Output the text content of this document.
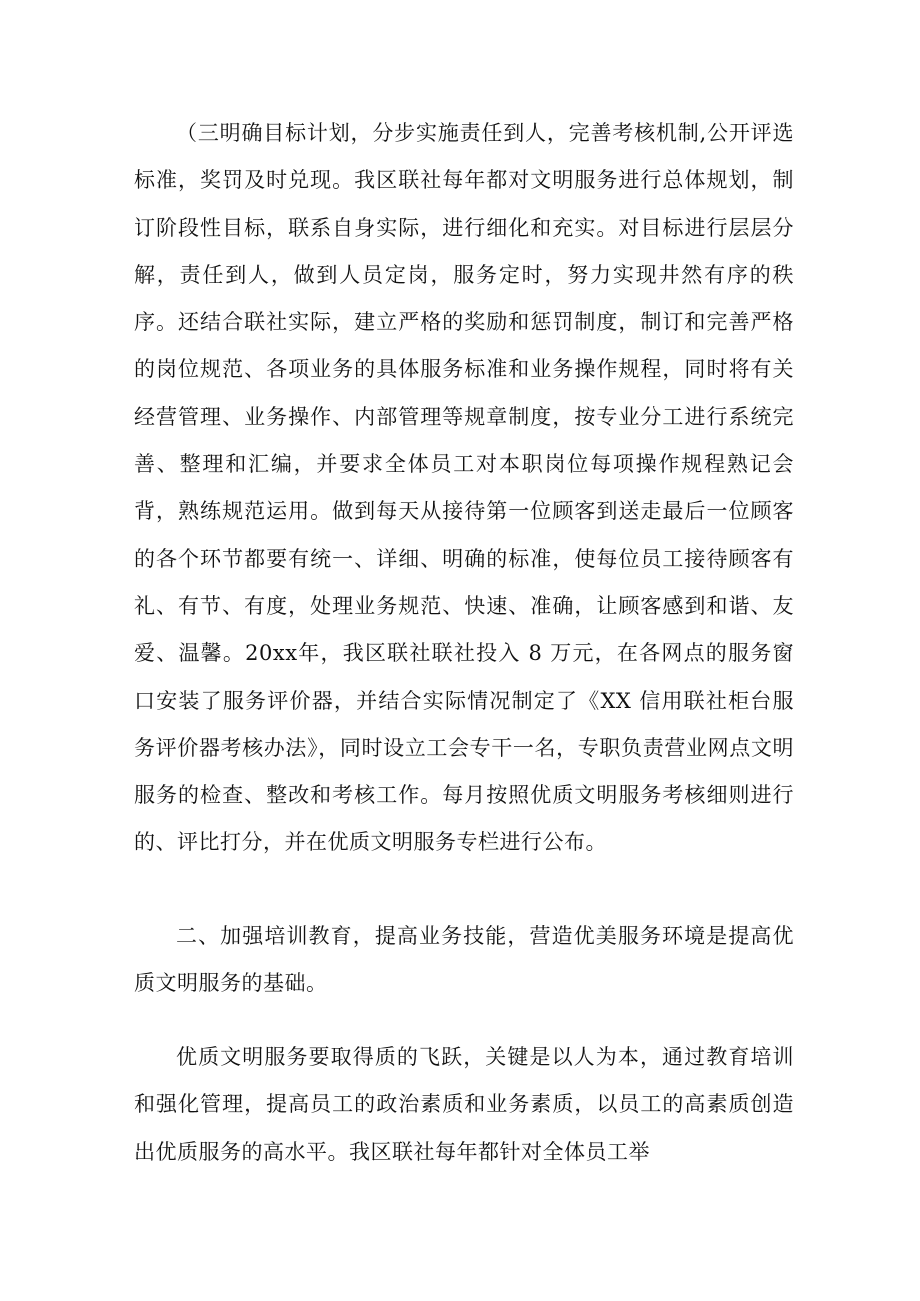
（三明确目标计划，分步实施责任到人，完善考核机制,公开评选标准，奖罚及时兑现。我区联社每年都对文明服务进行总体规划，制订阶段性目标，联系自身实际，进行细化和充实。对目标进行层层分解，责任到人，做到人员定岗，服务定时，努力实现井然有序的秩序。还结合联社实际，建立严格的奖励和惩罚制度，制订和完善严格的岗位规范、各项业务的具体服务标准和业务操作规程，同时将有关经营管理、业务操作、内部管理等规章制度，按专业分工进行系统完善、整理和汇编，并要求全体员工对本职岗位每项操作规程熟记会背，熟练规范运用。做到每天从接待第一位顾客到送走最后一位顾客的各个环节都要有统一、详细、明确的标准，使每位员工接待顾客有礼、有节、有度，处理业务规范、快速、准确，让顾客感到和谐、友爱、温馨。20xx年，我区联社联社投入 8 万元，在各网点的服务窗口安装了服务评价器，并结合实际情况制定了《XX 信用联社柜台服务评价器考核办法》，同时设立工会专干一名，专职负责营业网点文明服务的检查、整改和考核工作。每月按照优质文明服务考核细则进行的、评比打分，并在优质文明服务专栏进行公布。

二、加强培训教育，提高业务技能，营造优美服务环境是提高优质文明服务的基础。

优质文明服务要取得质的飞跃，关键是以人为本，通过教育培训和强化管理，提高员工的政治素质和业务素质，以员工的高素质创造出优质服务的高水平。我区联社每年都针对全体员工举
